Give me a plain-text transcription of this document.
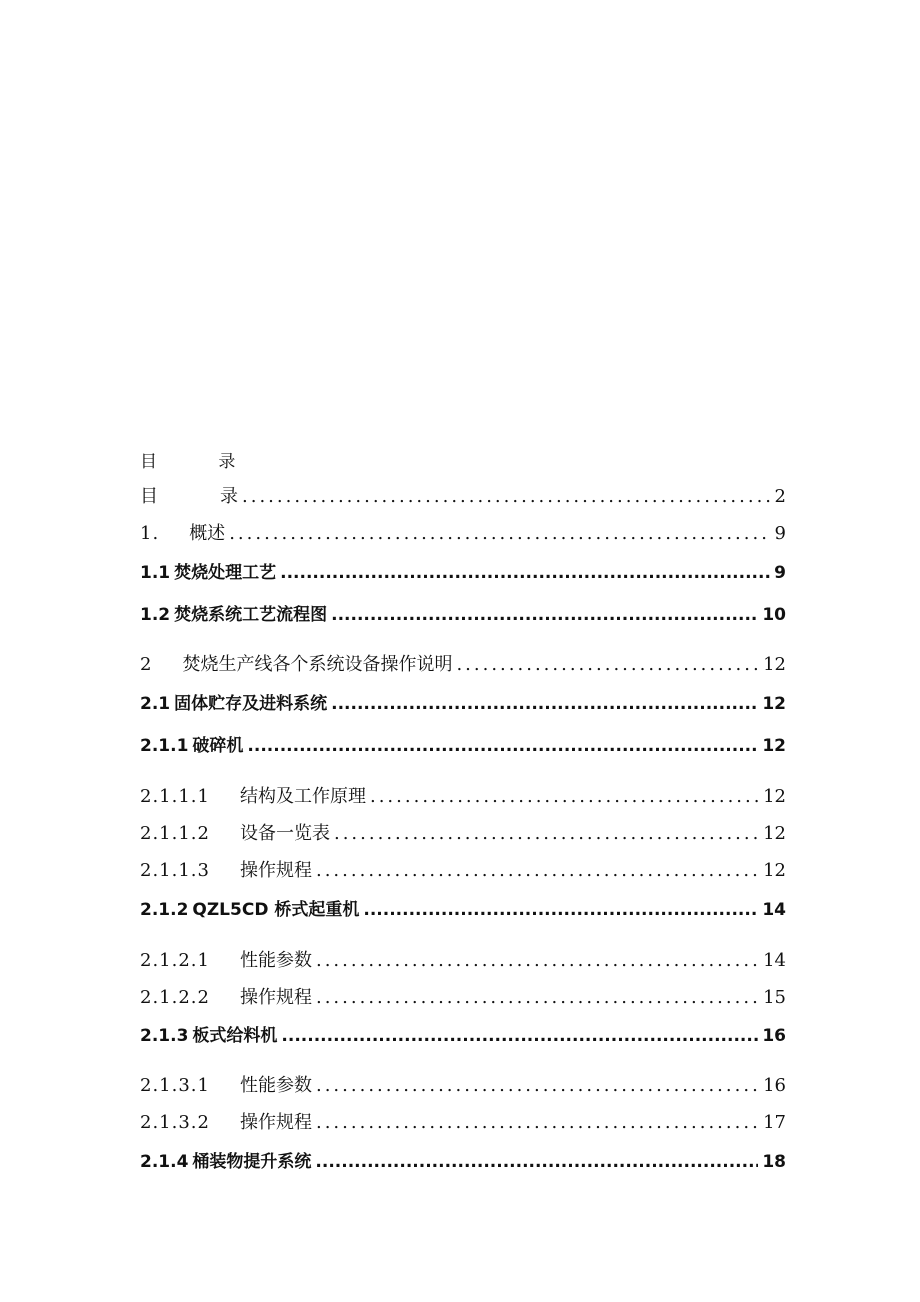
目 录
目	录 .....	2
1. 概述 .....	9
1.1 焚烧处理工艺 .....	9
1.2 焚烧系统工艺流程图 .....	10
2 焚烧生产线各个系统设备操作说明 .....	12
2.1 固体贮存及进料系统 .....	12
2.1.1 破碎机 .....	12
2.1.1.1 结构及工作原理 .....	12
2.1.1.2 设备一览表 .....	12
2.1.1.3 操作规程 .....	12
2.1.2 QZL5CD 桥式起重机 .....	14
2.1.2.1 性能参数 .....	14
2.1.2.2 操作规程 .....	15
2.1.3 板式给料机 .....	16
2.1.3.1 性能参数 .....	16
2.1.3.2 操作规程 .....	17
2.1.4 桶装物提升系统 .....	18
